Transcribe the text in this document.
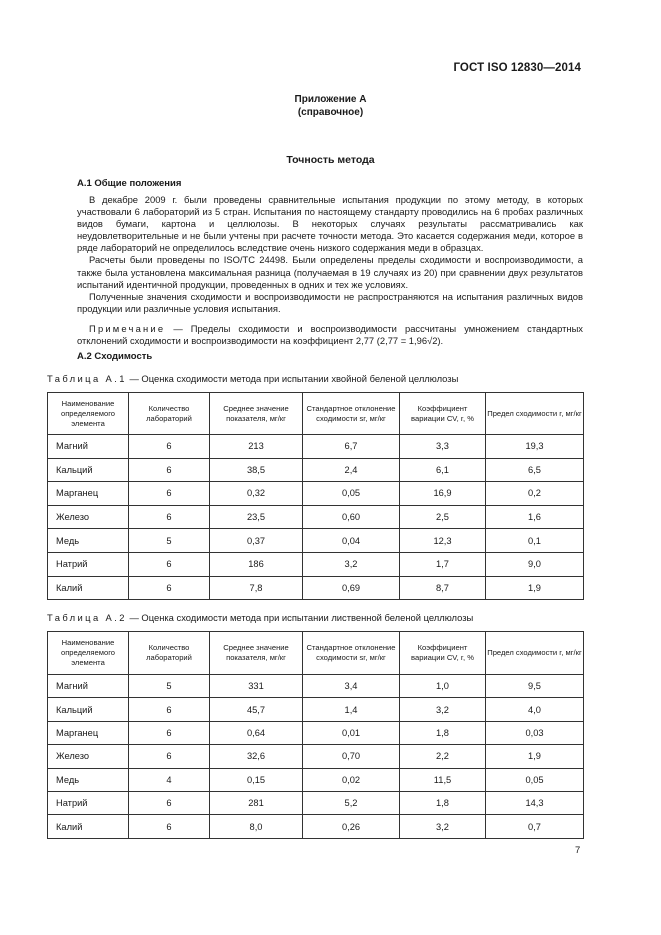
ГОСТ ISO 12830—2014
Приложение А
(справочное)
Точность метода
А.1 Общие положения

В декабре 2009 г. были проведены сравнительные испытания продукции по этому методу, в которых участвовали 6 лабораторий из 5 стран. Испытания по настоящему стандарту проводились на 6 пробах различных видов бумаги, картона и целлюлозы. В некоторых случаях результаты рассматривались как неудовлетворительные и не были учтены при расчете точности метода. Это касается содержания меди, которое в ряде лабораторий не определилось вследствие очень низкого содержания меди в образцах.

Расчеты были проведены по ISO/TC 24498. Были определены пределы сходимости и воспроизводимости, а также была установлена максимальная разница (получаемая в 19 случаях из 20) при сравнении двух результатов испытаний идентичной продукции, проведенных в одних и тех же условиях.

Полученные значения сходимости и воспроизводимости не распространяются на испытания различных видов продукции или различные условия испытания.

Примечание — Пределы сходимости и воспроизводимости рассчитаны умножением стандартных отклонений сходимости и воспроизводимости на коэффициент 2,77 (2,77 = 1,96√2).

А.2 Сходимость
Таблица А.1 — Оценка сходимости метода при испытании хвойной беленой целлюлозы
Наименование определяемого элемента	Количество лабораторий	Среднее значение показателя, мг/кг	Стандартное отклонение сходимости sr, мг/кг	Коэффициент вариации CV, r, %	Предел сходимости r, мг/кг
Магний	6	213	6,7	3,3	19,3
Кальций	6	38,5	2,4	6,1	6,5
Марганец	6	0,32	0,05	16,9	0,2
Железо	6	23,5	0,60	2,5	1,6
Медь	5	0,37	0,04	12,3	0,1
Натрий	6	186	3,2	1,7	9,0
Калий	6	7,8	0,69	8,7	1,9
Таблица А.2 — Оценка сходимости метода при испытании лиственной беленой целлюлозы
Наименование определяемого элемента	Количество лабораторий	Среднее значение показателя, мг/кг	Стандартное отклонение сходимости sr, мг/кг	Коэффициент вариации CV, r, %	Предел сходимости r, мг/кг
Магний	5	331	3,4	1,0	9,5
Кальций	6	45,7	1,4	3,2	4,0
Марганец	6	0,64	0,01	1,8	0,03
Железо	6	32,6	0,70	2,2	1,9
Медь	4	0,15	0,02	11,5	0,05
Натрий	6	281	5,2	1,8	14,3
Калий	6	8,0	0,26	3,2	0,7
7
